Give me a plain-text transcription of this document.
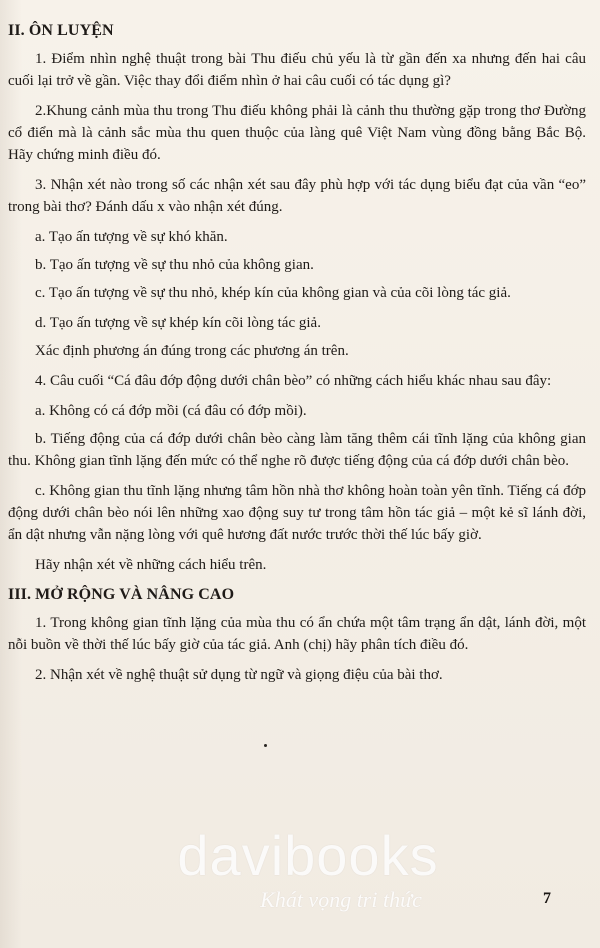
II. ÔN LUYỆN

1. Điểm nhìn nghệ thuật trong bài Thu điếu chủ yếu là từ gần đến xa nhưng đến hai câu cuối lại trở về gần. Việc thay đổi điểm nhìn ở hai câu cuối có tác dụng gì?

2.Khung cảnh mùa thu trong Thu điếu không phải là cảnh thu thường gặp trong thơ Đường cổ điển mà là cảnh sắc mùa thu quen thuộc của làng quê Việt Nam vùng đồng bằng Bắc Bộ. Hãy chứng minh điều đó.

3. Nhận xét nào trong số các nhận xét sau đây phù hợp với tác dụng biểu đạt của vần “eo” trong bài thơ? Đánh dấu x vào nhận xét đúng.

a. Tạo ấn tượng về sự khó khăn.

b. Tạo ấn tượng về sự thu nhỏ của không gian.

c. Tạo ấn tượng về sự thu nhỏ, khép kín của không gian và của cõi lòng tác giả.

d. Tạo ấn tượng về sự khép kín cõi lòng tác giả.

Xác định phương án đúng trong các phương án trên.

4. Câu cuối “Cá đâu đớp động dưới chân bèo” có những cách hiểu khác nhau sau đây:

a. Không có cá đớp mồi (cá đâu có đớp mồi).

b. Tiếng động của cá đớp dưới chân bèo càng làm tăng thêm cái tĩnh lặng của không gian thu. Không gian tĩnh lặng đến mức có thể nghe rõ được tiếng động của cá đớp dưới chân bèo.

c. Không gian thu tĩnh lặng nhưng tâm hồn nhà thơ không hoàn toàn yên tĩnh. Tiếng cá đớp động dưới chân bèo nói lên những xao động suy tư trong tâm hồn tác giả – một kẻ sĩ lánh đời, ẩn dật nhưng vẫn nặng lòng với quê hương đất nước trước thời thế lúc bấy giờ.

Hãy nhận xét về những cách hiểu trên.

III. MỞ RỘNG VÀ NÂNG CAO

1. Trong không gian tĩnh lặng của mùa thu có ẩn chứa một tâm trạng ẩn dật, lánh đời, một nỗi buồn về thời thế lúc bấy giờ của tác giả. Anh (chị) hãy phân tích điều đó.

2. Nhận xét về nghệ thuật sử dụng từ ngữ và giọng điệu của bài thơ.

davibooks
Khát vọng tri thức	7
